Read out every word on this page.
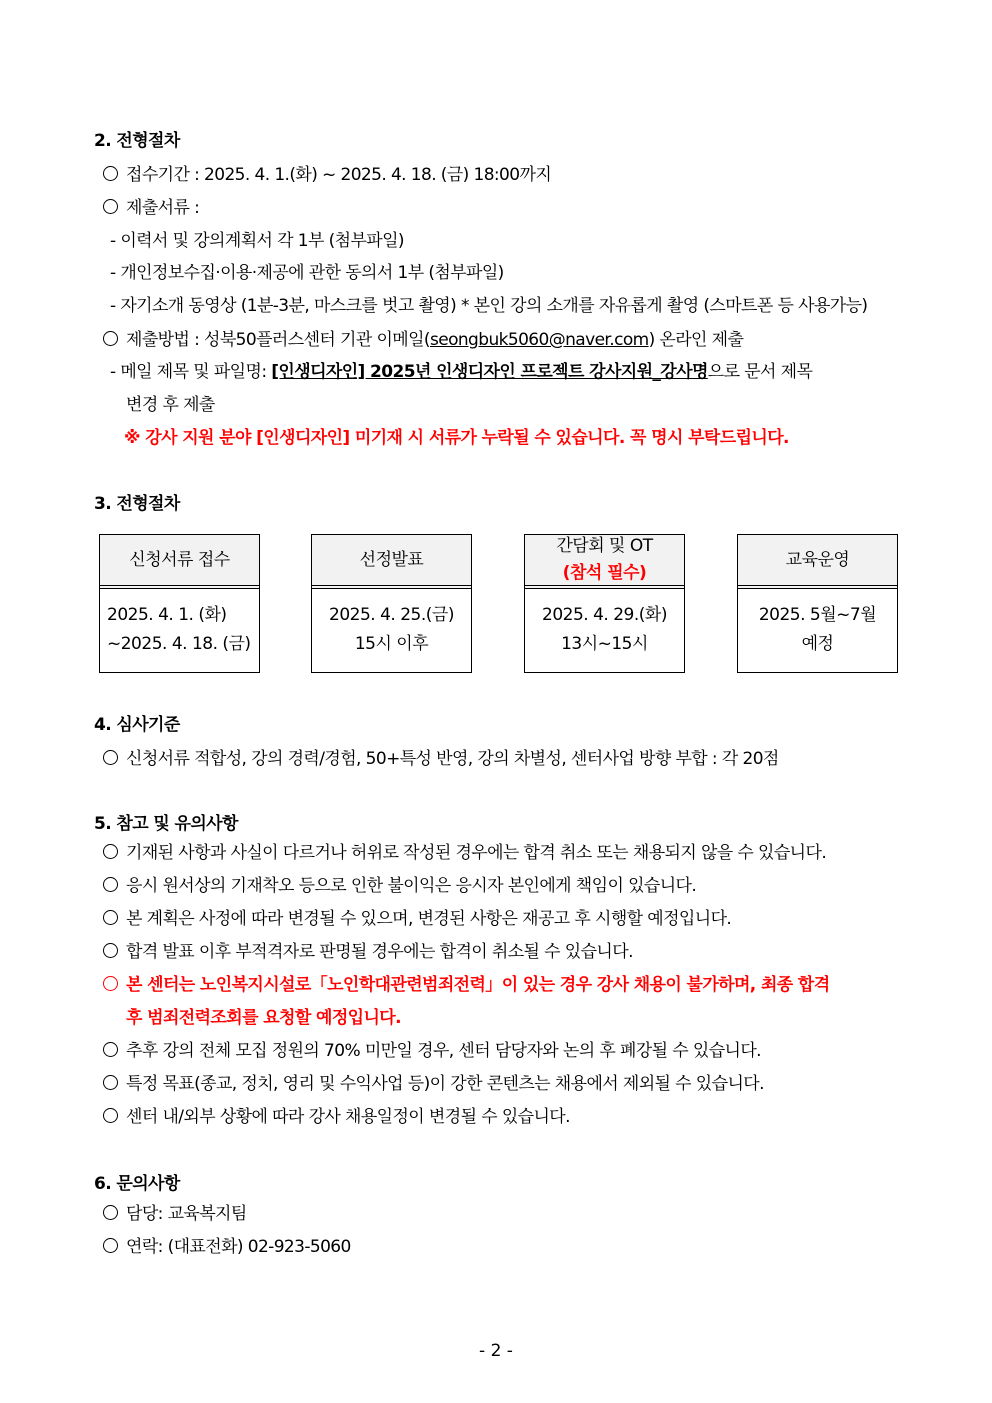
2. 전형절차
접수기간 : 2025. 4. 1.(화) ~ 2025. 4. 18. (금) 18:00까지
제출서류 :
- 이력서 및 강의계획서 각 1부 (첨부파일)
- 개인정보수집·이용·제공에 관한 동의서 1부 (첨부파일)
- 자기소개 동영상 (1분-3분, 마스크를 벗고 촬영) * 본인 강의 소개를 자유롭게 촬영 (스마트폰 등 사용가능)
제출방법 : 성북50플러스센터 기관 이메일(seongbuk5060@naver.com) 온라인 제출
- 메일 제목 및 파일명: [인생디자인] 2025년 인생디자인 프로젝트 강사지원_강사명으로 문서 제목
변경 후 제출
※ 강사 지원 분야 [인생디자인] 미기재 시 서류가 누락될 수 있습니다. 꼭 명시 부탁드립니다.
3. 전형절차
신청서류 접수
2025. 4. 1. (화)
~2025. 4. 18. (금)
선정발표
2025. 4. 25.(금)
15시 이후
간담회 및 OT
(참석 필수)
2025. 4. 29.(화)
13시~15시
교육운영
2025. 5월~7월
예정
4. 심사기준
신청서류 적합성, 강의 경력/경험, 50+특성 반영, 강의 차별성, 센터사업 방향 부합 : 각 20점
5. 참고 및 유의사항
기재된 사항과 사실이 다르거나 허위로 작성된 경우에는 합격 취소 또는 채용되지 않을 수 있습니다.
응시 원서상의 기재착오 등으로 인한 불이익은 응시자 본인에게 책임이 있습니다.
본 계획은 사정에 따라 변경될 수 있으며, 변경된 사항은 재공고 후 시행할 예정입니다.
합격 발표 이후 부적격자로 판명될 경우에는 합격이 취소될 수 있습니다.
본 센터는 노인복지시설로「노인학대관련범죄전력」이 있는 경우 강사 채용이 불가하며, 최종 합격
후 범죄전력조회를 요청할 예정입니다.
추후 강의 전체 모집 정원의 70% 미만일 경우, 센터 담당자와 논의 후 폐강될 수 있습니다.
특정 목표(종교, 정치, 영리 및 수익사업 등)이 강한 콘텐츠는 채용에서 제외될 수 있습니다.
센터 내/외부 상황에 따라 강사 채용일정이 변경될 수 있습니다.
6. 문의사항
담당: 교육복지팀
연락: (대표전화) 02-923-5060
- 2 -
